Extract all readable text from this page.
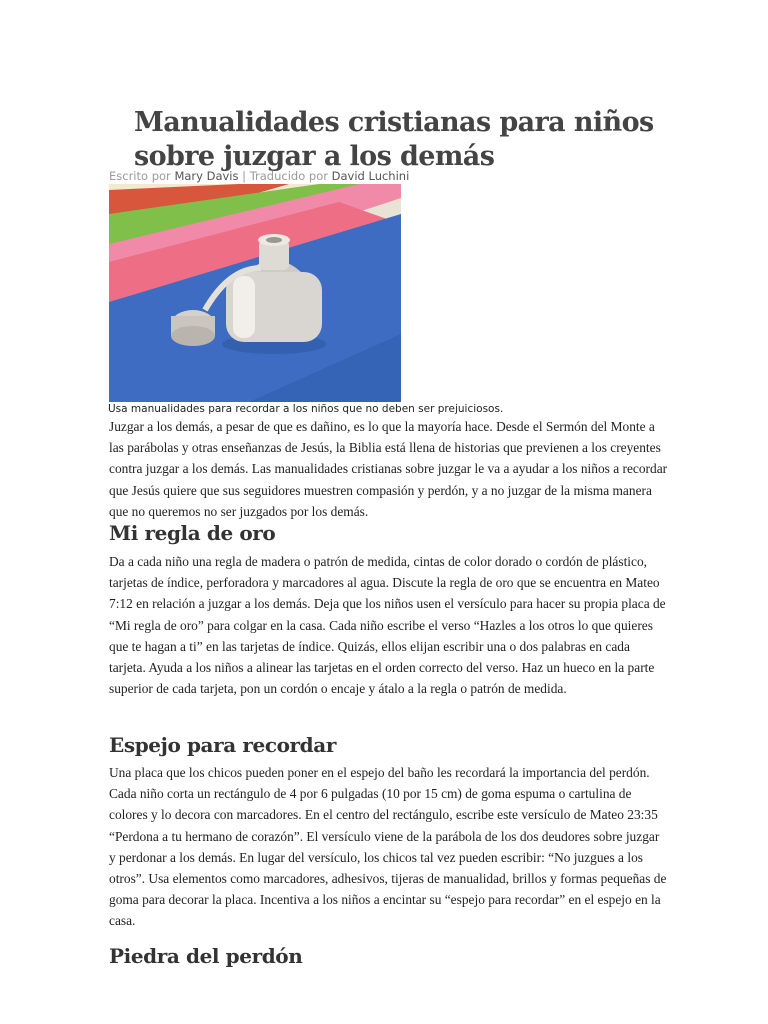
Manualidades cristianas para niños sobre juzgar a los demás
Escrito por Mary Davis | Traducido por David Luchini
Usa manualidades para recordar a los niños que no deben ser prejuiciosos.

Juzgar a los demás, a pesar de que es dañino, es lo que la mayoría hace. Desde el Sermón del Monte a las parábolas y otras enseñanzas de Jesús, la Biblia está llena de historias que previenen a los creyentes contra juzgar a los demás. Las manualidades cristianas sobre juzgar le va a ayudar a los niños a recordar que Jesús quiere que sus seguidores muestren compasión y perdón, y a no juzgar de la misma manera que no queremos no ser juzgados por los demás.

Mi regla de oro

Da a cada niño una regla de madera o patrón de medida, cintas de color dorado o cordón de plástico, tarjetas de índice, perforadora y marcadores al agua. Discute la regla de oro que se encuentra en Mateo 7:12 en relación a juzgar a los demás. Deja que los niños usen el versículo para hacer su propia placa de “Mi regla de oro” para colgar en la casa. Cada niño escribe el verso “Hazles a los otros lo que quieres que te hagan a ti” en las tarjetas de índice. Quizás, ellos elijan escribir una o dos palabras en cada tarjeta. Ayuda a los niños a alinear las tarjetas en el orden correcto del verso. Haz un hueco en la parte superior de cada tarjeta, pon un cordón o encaje y átalo a la regla o patrón de medida.

Espejo para recordar

Una placa que los chicos pueden poner en el espejo del baño les recordará la importancia del perdón. Cada niño corta un rectángulo de 4 por 6 pulgadas (10 por 15 cm) de goma espuma o cartulina de colores y lo decora con marcadores. En el centro del rectángulo, escribe este versículo de Mateo 23:35 “Perdona a tu hermano de corazón”. El versículo viene de la parábola de los dos deudores sobre juzgar y perdonar a los demás. En lugar del versículo, los chicos tal vez pueden escribir: “No juzgues a los otros”. Usa elementos como marcadores, adhesivos, tijeras de manualidad, brillos y formas pequeñas de goma para decorar la placa. Incentiva a los niños a encintar su “espejo para recordar” en el espejo en la casa.

Piedra del perdón
